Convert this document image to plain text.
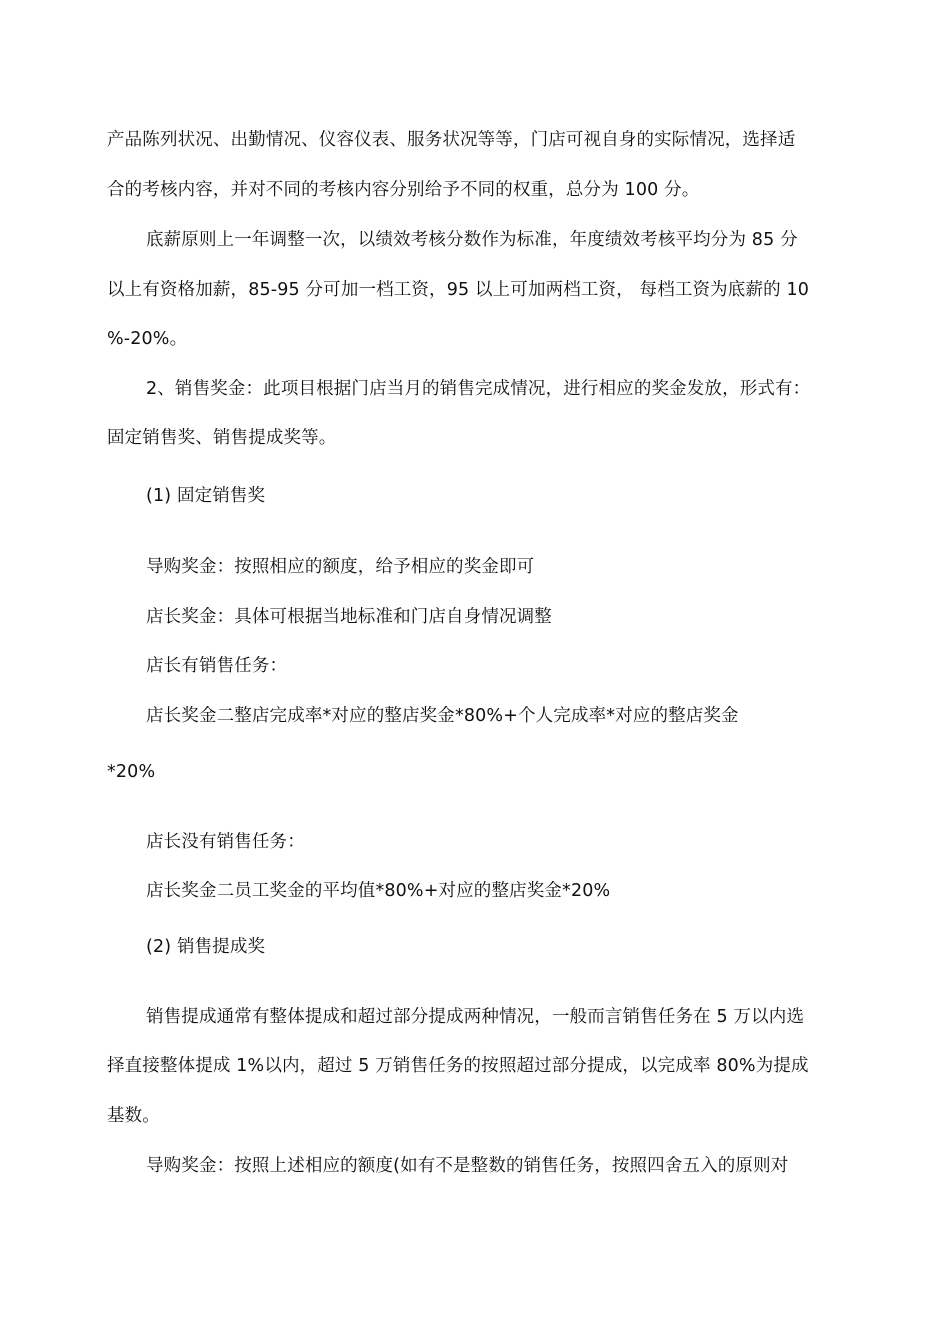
产品陈列状况、出勤情况、仪容仪表、服务状况等等，门店可视自身的实际情况，选择适

合的考核内容，并对不同的考核内容分别给予不同的权重，总分为 100 分。

底薪原则上一年调整一次，以绩效考核分数作为标准，年度绩效考核平均分为 85 分

以上有资格加薪，85-95 分可加一档工资，95 以上可加两档工资， 每档工资为底薪的 10

%-20%。

2、销售奖金：此项目根据门店当月的销售完成情况，进行相应的奖金发放，形式有：

固定销售奖、销售提成奖等。

(1) 固定销售奖

导购奖金：按照相应的额度，给予相应的奖金即可

店长奖金：具体可根据当地标准和门店自身情况调整

店长有销售任务：

店长奖金二整店完成率*对应的整店奖金*80%+个人完成率*对应的整店奖金

*20%

店长没有销售任务：

店长奖金二员工奖金的平均值*80%+对应的整店奖金*20%

(2) 销售提成奖

销售提成通常有整体提成和超过部分提成两种情况，一般而言销售任务在 5 万以内选

择直接整体提成 1%以内，超过 5 万销售任务的按照超过部分提成，以完成率 80%为提成

基数。

导购奖金：按照上述相应的额度(如有不是整数的销售任务，按照四舍五入的原则对
